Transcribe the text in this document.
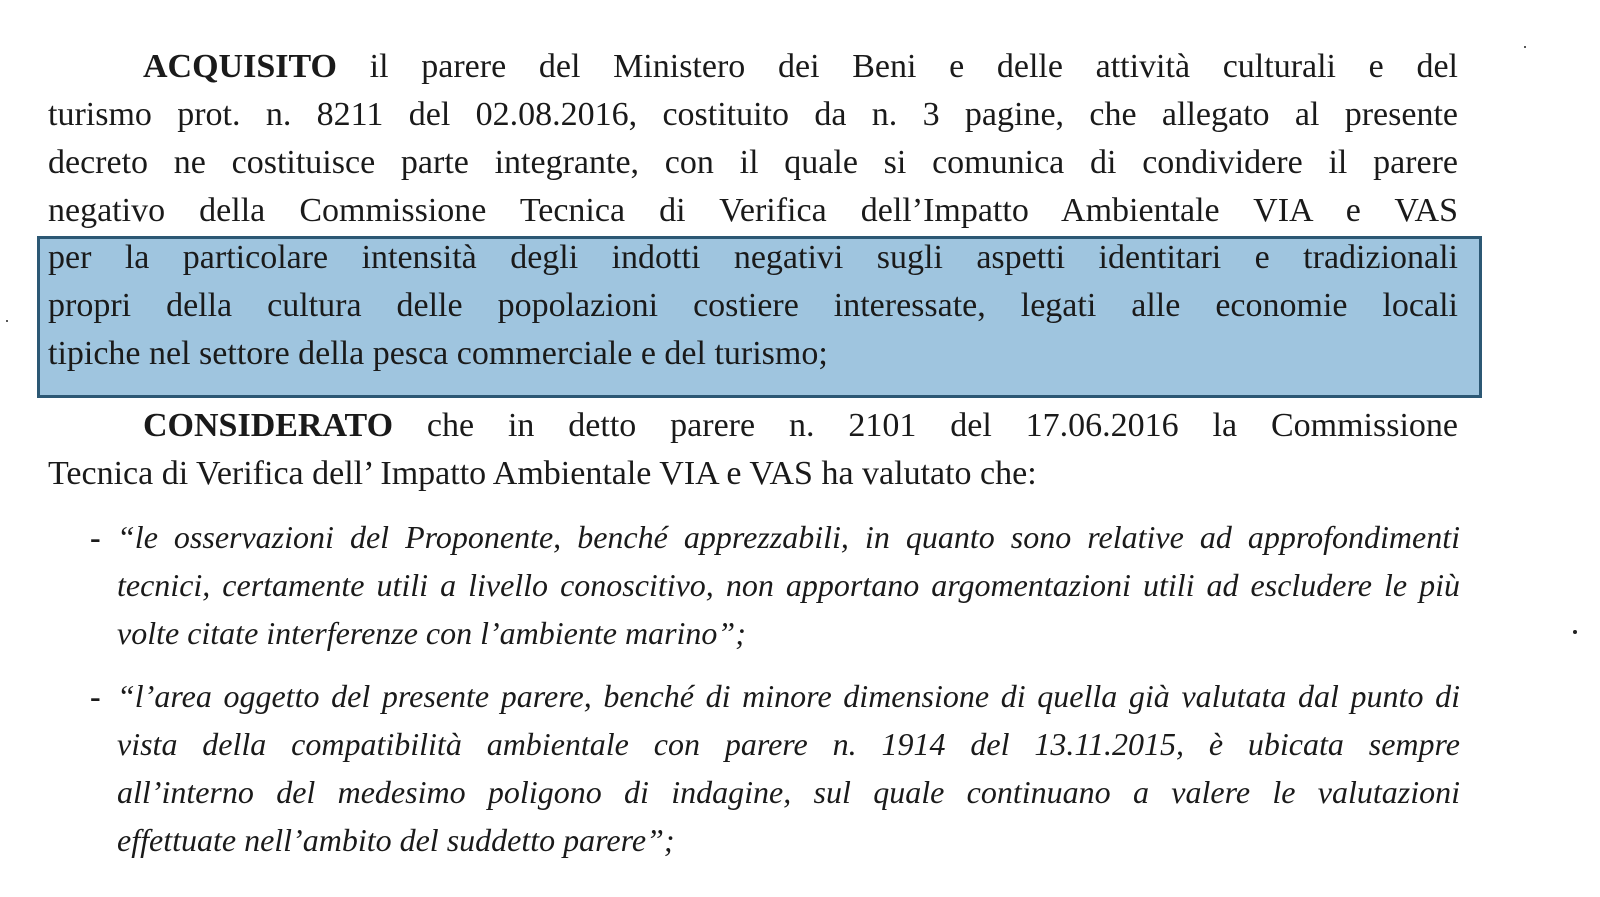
ACQUISITO il parere del Ministero dei Beni e delle attività culturali e del
turismo prot. n. 8211 del 02.08.2016, costituito da n. 3 pagine, che allegato al presente
decreto ne costituisce parte integrante, con il quale si comunica di condividere il parere
negativo della Commissione Tecnica di Verifica dell’Impatto Ambientale VIA e VAS
per la particolare intensità degli indotti negativi sugli aspetti identitari e tradizionali
propri della cultura delle popolazioni costiere interessate, legati alle economie locali
tipiche nel settore della pesca commerciale e del turismo;
CONSIDERATO che in detto parere n. 2101 del 17.06.2016 la Commissione
Tecnica di Verifica dell’ Impatto Ambientale VIA e VAS ha valutato che:
- “le osservazioni del Proponente, benché apprezzabili, in quanto sono relative ad approfondimenti
tecnici, certamente utili a livello conoscitivo, non apportano argomentazioni utili ad escludere le più
volte citate interferenze con l’ambiente marino”;
- “l’area oggetto del presente parere, benché di minore dimensione di quella già valutata dal punto di
vista della compatibilità ambientale con parere n. 1914 del 13.11.2015, è ubicata sempre
all’interno del medesimo poligono di indagine, sul quale continuano a valere le valutazioni
effettuate nell’ambito del suddetto parere”;
